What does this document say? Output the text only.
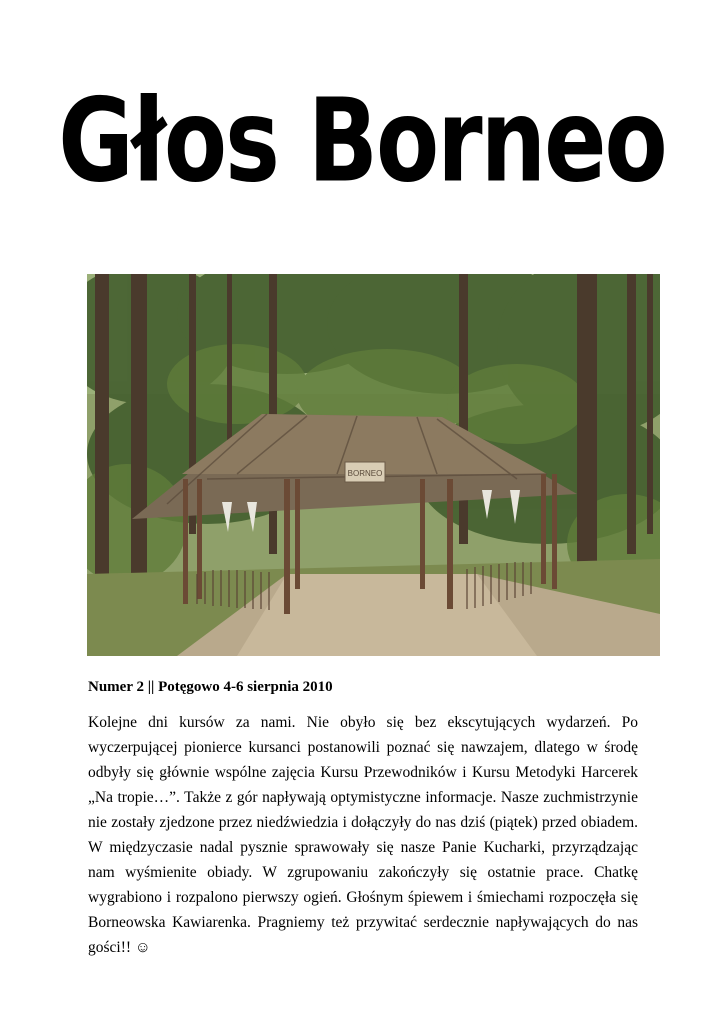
Głos Borneo
BORNEO
Numer 2 || Potęgowo 4-6 sierpnia 2010
Kolejne dni kursów za nami. Nie obyło się bez ekscytujących wydarzeń. Po wyczerpującej pionierce kursanci postanowili poznać się nawzajem, dlatego w środę odbyły się głównie wspólne zajęcia Kursu Przewodników i Kursu Metodyki Harcerek „Na tropie…”. Także z gór napływają optymistyczne informacje. Nasze zuchmistrzynie nie zostały zjedzone przez niedźwiedzia i dołączyły do nas dziś (piątek) przed obiadem. W międzyczasie nadal pysznie sprawowały się nasze Panie Kucharki, przyrządzając nam wyśmienite obiady. W zgrupowaniu zakończyły się ostatnie prace. Chatkę wygrabiono i rozpalono pierwszy ogień. Głośnym śpiewem i śmiechami rozpoczęła się Borneowska Kawiarenka. Pragniemy też przywitać serdecznie napływających do nas gości!! ☺
